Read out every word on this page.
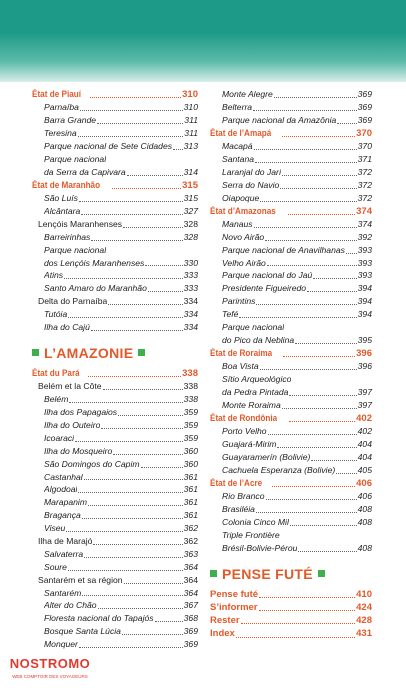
État de Piauí	310
Parnaíba	310
Barra Grande	311
Teresina	311
Parque nacional de Sete Cidades 313
Parque nacional
da Serra da Capivara	314
État de Maranhão	315
São Luís	315
Alcântara	327
Lençóis Maranhenses	328
Barreirinhas	328
Parque nacional
dos Lençóis Maranhenses	330
Atins	333
Santo Amaro do Maranhão	333
Delta do Parnaíba	334
Tutóia	334
Ilha do Cajú	334
L’AMAZONIE
État du Pará	338
Belém et la Côte	338
Belém	338
Ilha dos Papagaios	359
Ilha do Outeiro	359
Icoaraci	359
Ilha do Mosqueiro	360
São Domingos do Capim	360
Castanhal	361
Algodoal	361
Marapanim	361
Bragança	361
Viseu	362
Ilha de Marajó	362
Salvaterra	363
Soure	364
Santarém et sa région	364
Santarém	364
Alter do Chão	367
Floresta nacional do Tapajós	368
Bosque Santa Lúcia	369
Monquer	369
Monte Alegre	369
Belterra	369
Parque nacional da Amazônia 369
État de l’Amapá	370
Macapá	370
Santana	371
Laranjal do Jarí	372
Serra do Navio	372
Oiapoque	372
État d’Amazonas	374
Manaus	374
Novo Airão	392
Parque nacional de Anavilhanas 393
Velho Airão	393
Parque nacional do Jaú	393
Presidente Figueiredo	394
Parintins	394
Tefé	394
Parque nacional
do Pico da Neblina	395
État de Roraima	396
Boa Vista	396
Sítio Arqueológico
da Pedra Pintada	397
Monte Roraima	397
État de Rondônia	402
Porto Velho	402
Guajará-Mirim	404
Guayaramerín (Bolivie)	404
Cachuela Esperanza (Bolivie)	405
État de l’Acre	406
Rio Branco	406
Brasiléia	408
Colonia Cinco Mil	408
Triple Frontière
Brésil-Bolivie-Pérou	408
PENSE FUTÉ
Pense futé	410
S’informer	424
Rester	428
Index	431
NOSTROMO
WEB COMPTOIR DES VOYAGEURS
